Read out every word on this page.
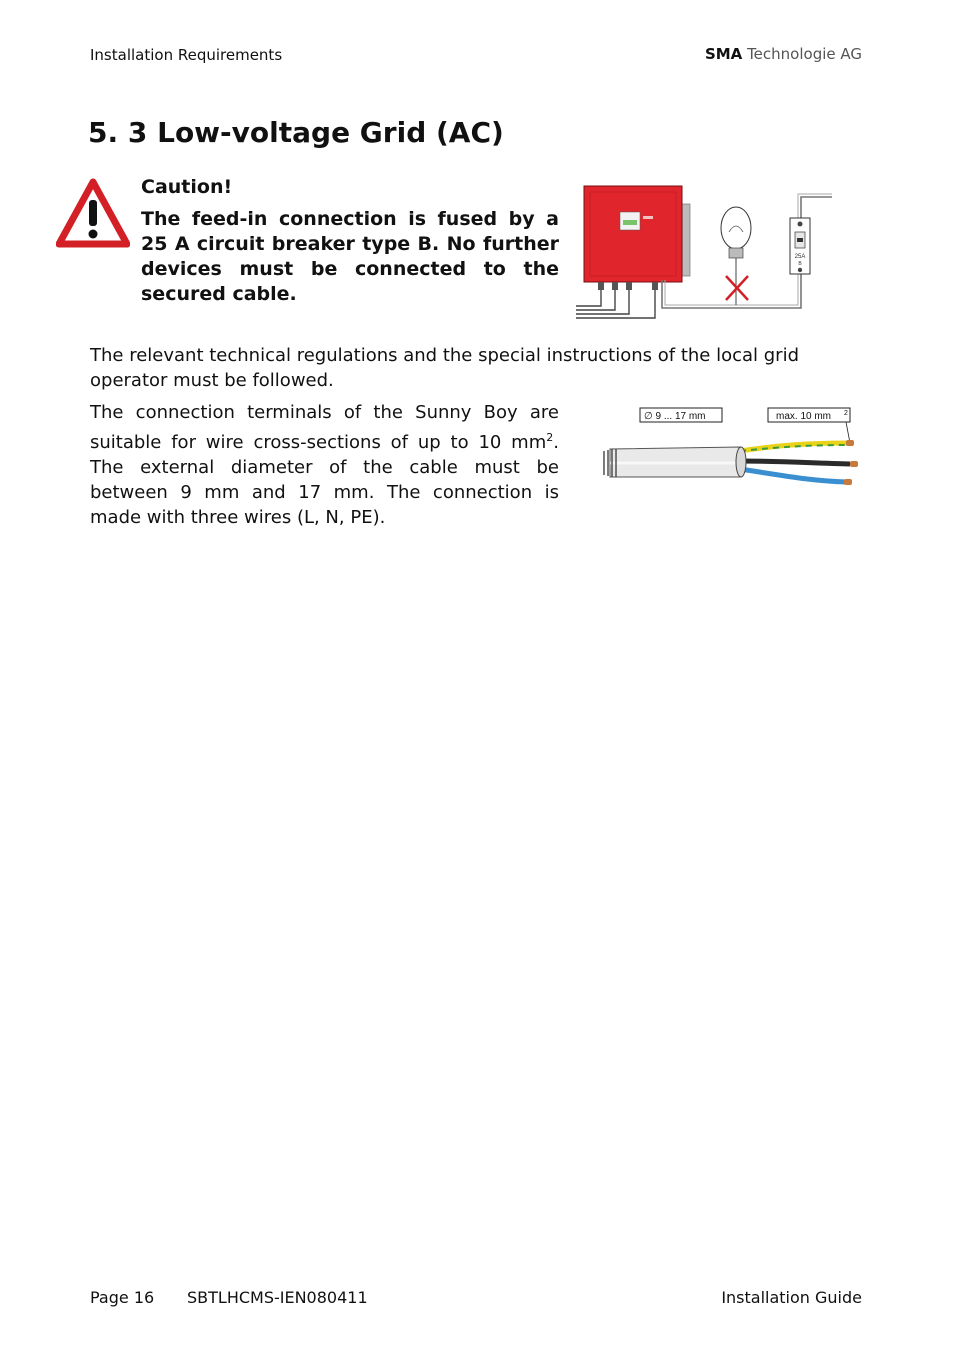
Installation Requirements	SMA Technologie AG
5. 3 Low-voltage Grid (AC)
Caution!
The feed-in connection is fused by a 25 A circuit breaker type B. No further devices must be connected to the secured cable.
25A
B

The relevant technical regulations and the special instructions of the local grid operator must be followed.

The connection terminals of the Sunny Boy are suitable for wire cross-sections of up to 10 $mm^2$. The external diameter of the cable must be between 9 mm and 17 mm. The connection is made with three wires (L, N, PE).

∅ 9 ... 17 mm	max. 10 mm 2
Page 16 SBTLHCMS-IEN080411	Installation Guide
